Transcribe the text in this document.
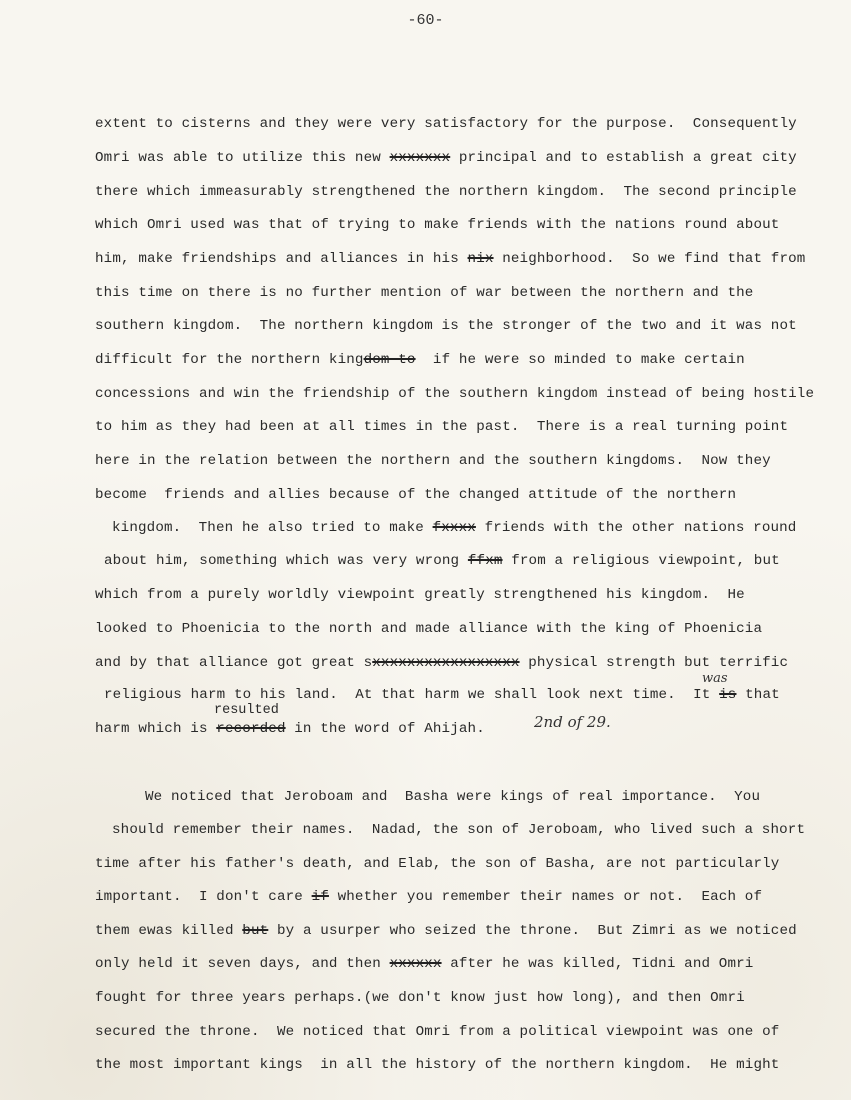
-60-
extent to cisterns and they were very satisfactory for the purpose.  Consequently
Omri was able to utilize this new xxxxxxx principal and to establish a great city
there which immeasurably strengthened the northern kingdom.  The second principle
which Omri used was that of trying to make friends with the nations round about
him, make friendships and alliances in his nix neighborhood.  So we find that from
this time on there is no further mention of war between the northern and the
southern kingdom.  The northern kingdom is the stronger of the two and it was not
difficult for the northern kingdom to  if he were so minded to make certain
concessions and win the friendship of the southern kingdom instead of being hostile
to him as they had been at all times in the past.  There is a real turning point
here in the relation between the northern and the southern kingdoms.  Now they
become  friends and allies because of the changed attitude of the northern
kingdom.  Then he also tried to make fxxxx friends with the other nations round
about him, something which was very wrong ffxm from a religious viewpoint, but
which from a purely worldly viewpoint greatly strengthened his kingdom.  He
looked to Phoenicia to the north and made alliance with the king of Phoenicia
and by that alliance got great sxxxxxxxxxxxxxxxxx physical strength but terrific
was
religious harm to his land.  At that harm we shall look next time.  It is that
resulted
harm which is recorded in the word of Ahijah.	2nd of 29.
We noticed that Jeroboam and  Basha were kings of real importance.  You
should remember their names.  Nadad, the son of Jeroboam, who lived such a short
time after his father's death, and Elab, the son of Basha, are not particularly
important.  I don't care if whether you remember their names or not.  Each of
them ewas killed but by a usurper who seized the throne.  But Zimri as we noticed
only held it seven days, and then xxxxxx after he was killed, Tidni and Omri
fought for three years perhaps.(we don't know just how long), and then Omri
secured the throne.  We noticed that Omri from a political viewpoint was one of
the most important kings  in all the history of the northern kingdom.  He might
